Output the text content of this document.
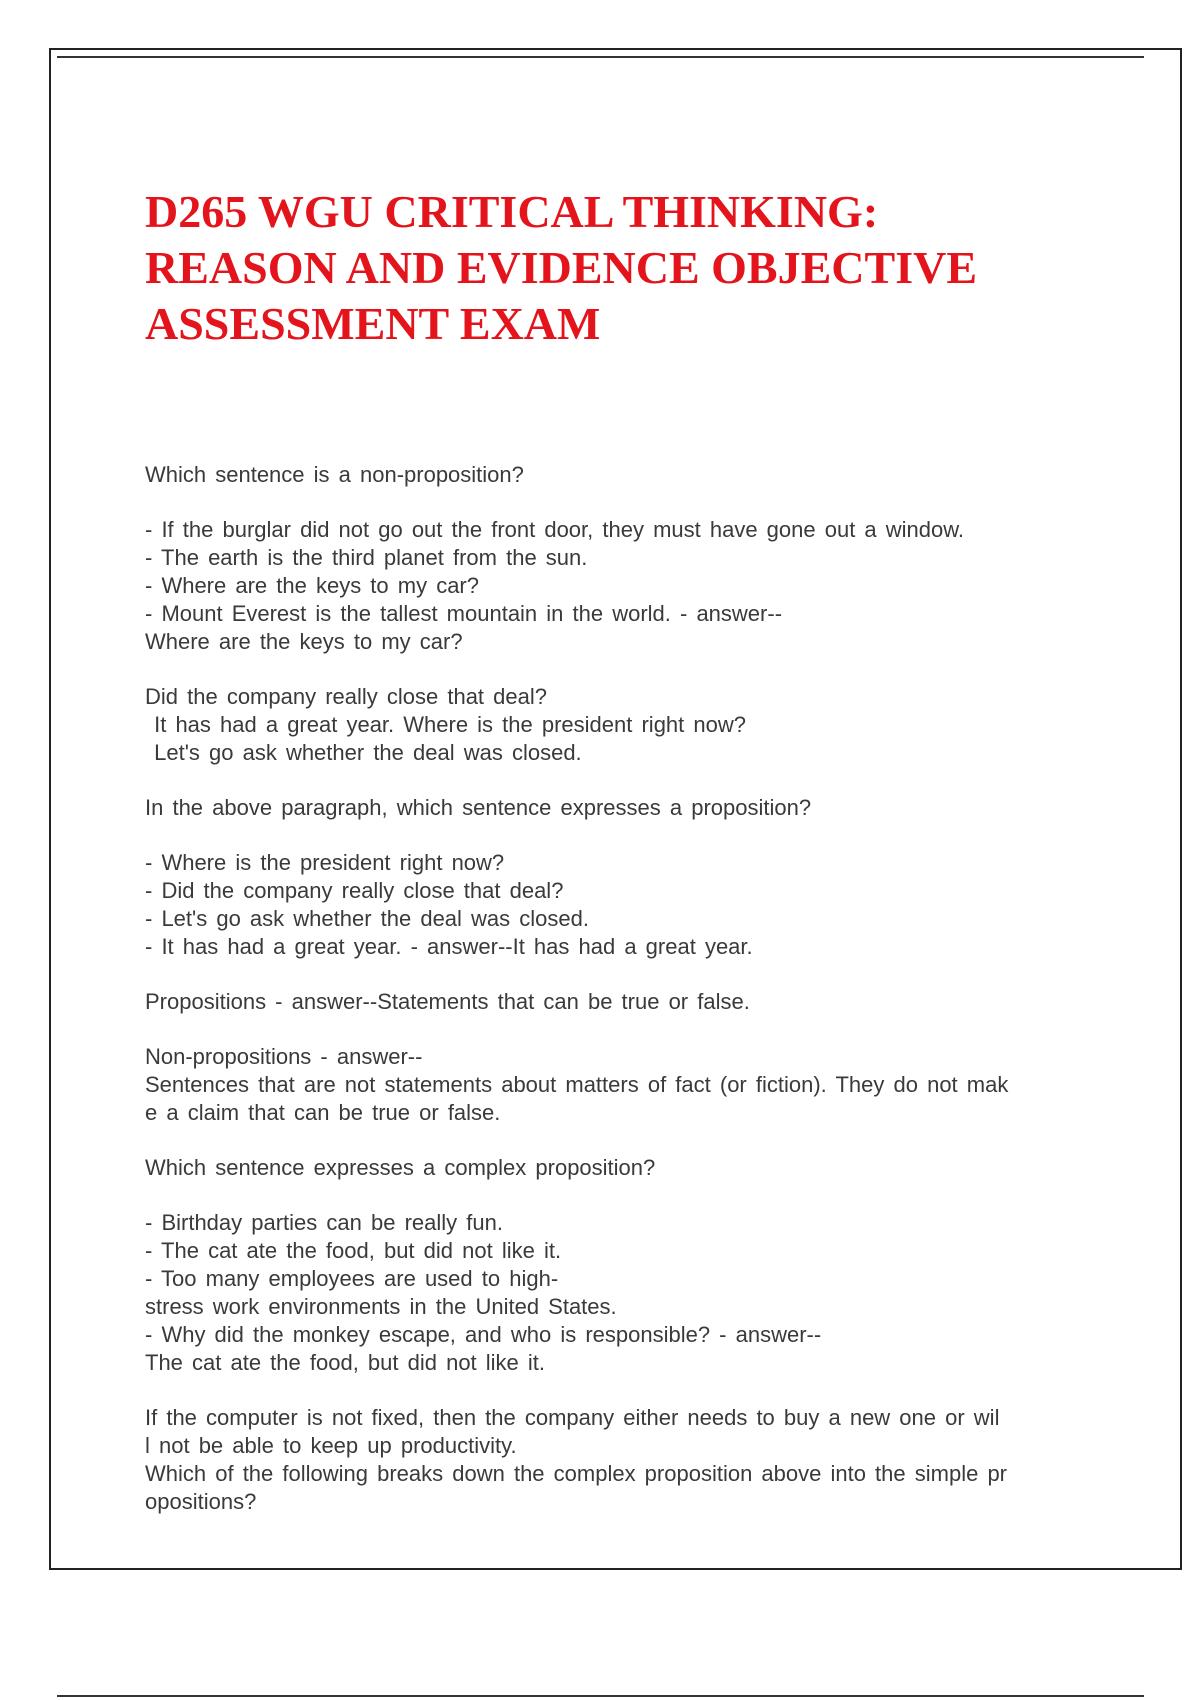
D265 WGU CRITICAL THINKING:
REASON AND EVIDENCE OBJECTIVE
ASSESSMENT EXAM
Which sentence is a non-proposition?
- If the burglar did not go out the front door, they must have gone out a window.
- The earth is the third planet from the sun.
- Where are the keys to my car?
- Mount Everest is the tallest mountain in the world. - answer--
Where are the keys to my car?
Did the company really close that deal?
It has had a great year. Where is the president right now?
Let's go ask whether the deal was closed.
In the above paragraph, which sentence expresses a proposition?
- Where is the president right now?
- Did the company really close that deal?
- Let's go ask whether the deal was closed.
- It has had a great year. - answer--It has had a great year.
Propositions - answer--Statements that can be true or false.
Non-propositions - answer--
Sentences that are not statements about matters of fact (or fiction). They do not mak
e a claim that can be true or false.
Which sentence expresses a complex proposition?
- Birthday parties can be really fun.
- The cat ate the food, but did not like it.
- Too many employees are used to high-
stress work environments in the United States.
- Why did the monkey escape, and who is responsible? - answer--
The cat ate the food, but did not like it.
If the computer is not fixed, then the company either needs to buy a new one or wil
l not be able to keep up productivity.
Which of the following breaks down the complex proposition above into the simple pr
opositions?
